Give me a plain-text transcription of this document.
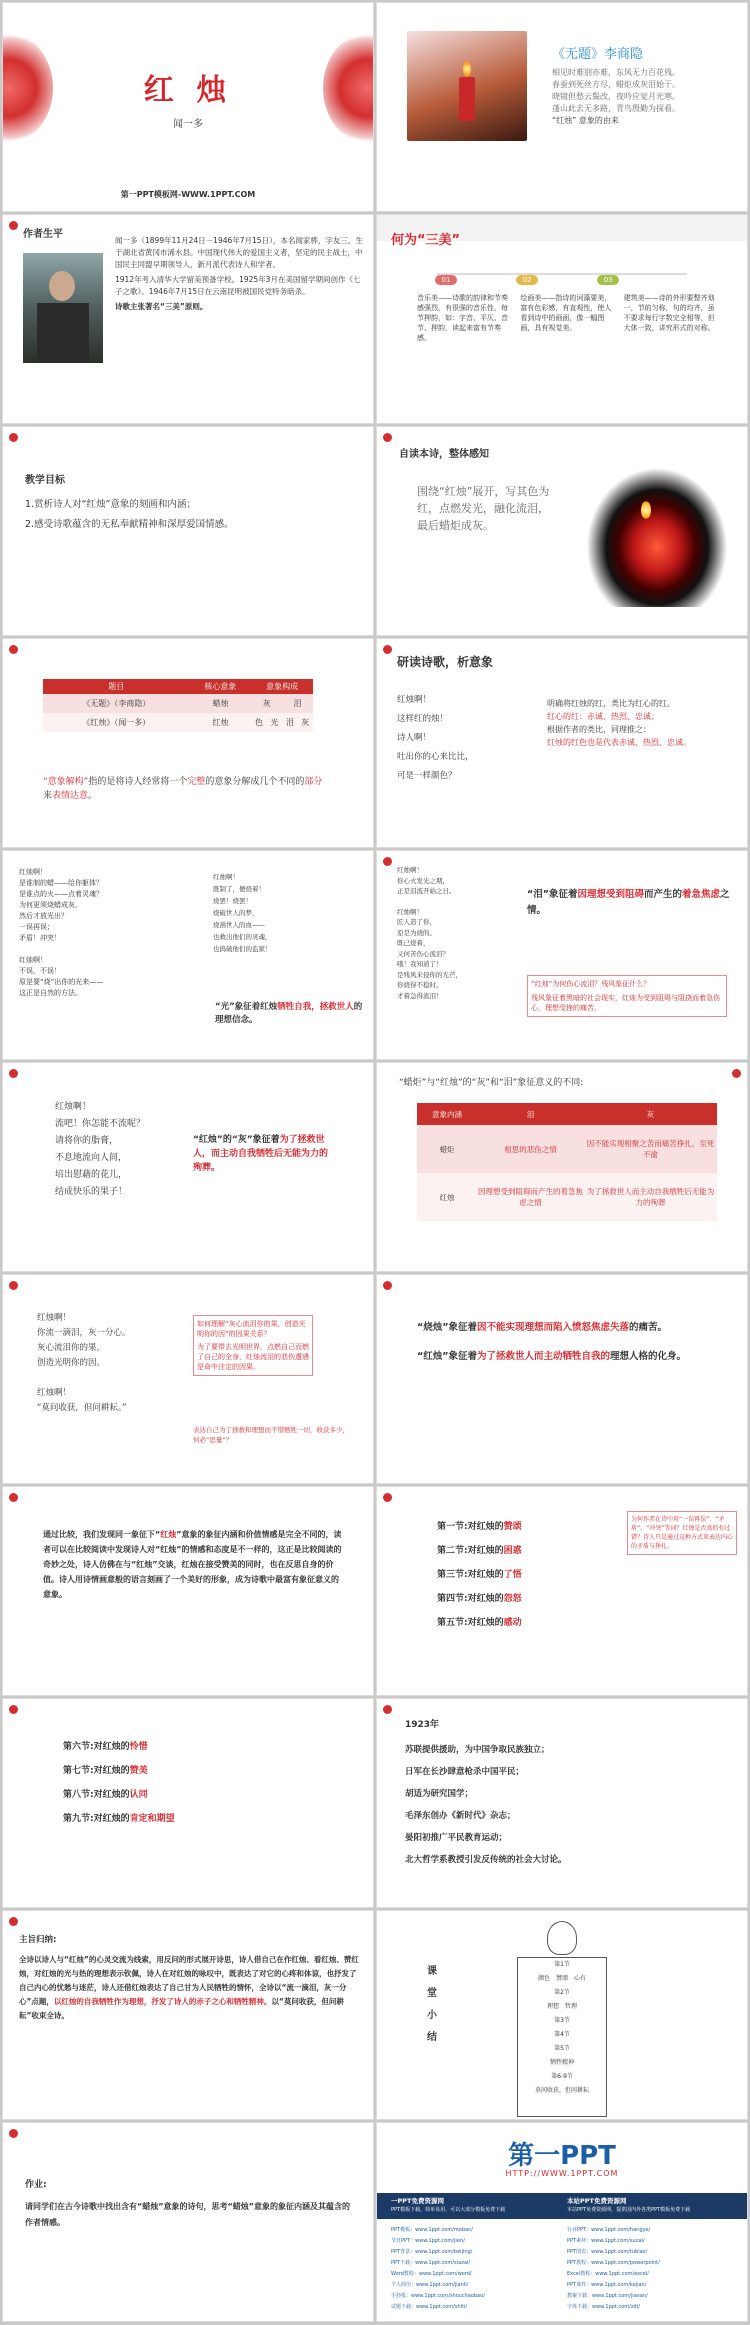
红 烛
闻一多
第一PPT模板网-WWW.1PPT.COM
《无题》李商隐
相见时难别亦难，东风无力百花残。
春蚕到死丝方尽，蜡炬成灰泪始干。
晓镜但愁云鬓改，夜吟应觉月光寒。
蓬山此去无多路，青鸟殷勤为探看。
“红烛” 意象的由来
作者生平
闻一多（1899年11月24日－1946年7月15日），本名闻家骅，字友三，生于湖北省黄冈市浠水县。中国现代伟大的爱国主义者，坚定的民主战士，中国民主同盟早期领导人，新月派代表诗人和学者。
1912年考入清华大学留美预备学校。1925年3月在美国留学期间创作《七子之歌》。1946年7月15日在云南昆明被国民党特务暗杀。
诗歌主张著名“三美”原则。
何为“三美”
01	02	03
音乐美——诗歌的韵律和节奏感强烈，有很强的音乐性，每节押韵，如：字音、平仄、音节、押韵，读起来富有节奏感。
绘画美——指诗的词藻要美，富有色彩感，有直观性，使人看到诗中的画面，像一幅图画，具有视觉美。
建筑美——诗的外形要整齐划一，节的匀称，句的均齐，虽不要求每行字数完全相等，但大体一致，讲究形式的对称。
教学目标
1.赏析诗人对“红烛”意象的刻画和内涵；
2.感受诗歌蕴含的无私奉献精神和深厚爱国情感。
自读本诗，整体感知
围绕“红烛”展开，写其色为红，点燃发光，融化流泪，最后蜡炬成灰。
题目	核心意象	意象构成			
《无题》（李商隐）	蜡烛	灰		泪	
《红烛》（闻一多）	红烛	色	光	泪	灰
“意象解构”指的是将诗人经常将一个完整的意象分解成几个不同的部分来表情达意。
研读诗歌，析意象
红烛啊！
这样红的烛！
诗人啊！
吐出你的心来比比，
可是一样颜色？
明确将红烛的红，类比为红心的红。
红心的红：赤诚、热烈、忠诚；
根据作者的类比，同理推之：
红烛的红色也是代表赤诚、热烈、忠诚。
红烛啊！
是谁制的蜡——给你躯体？
是谁点的火——点着灵魂？
为何更须烧蜡成灰，
然后才放光出？
一误再误；
矛盾！冲突！
红烛啊！
不误，不误！
原是要“烧”出你的光来——
这正是自然的方法。
红烛啊！
既制了，便烧着！
烧罢！烧罢！
烧破世人的梦，
烧沸世人的血——
也救出他们的灵魂，
也捣破他们的监狱！
“光”象征着红烛牺牲自我，拯救世人的理想信念。
红烛啊！
你心火发光之期，
正是泪流开始之日。
红烛啊！
匠人造了你，
原是为烧的。
既已烧着，
又何苦伤心流泪？
哦！我知道了！
是残风来侵你的光芒，
你烧得不稳时，
才着急得流泪！
“泪”象征着因理想受到阻碍而产生的着急焦虑之情。
“红烛”为何伤心流泪？残风象征什么？
残风象征着黑暗的社会现实，红烛为受到阻碍与阻挠而着急伤心，理想受挫的痛苦。
红烛啊！
流吧！你怎能不流呢？
请将你的脂膏，
不息地流向人间，
培出慰藉的花儿，
结成快乐的果子！
“红烛”的“灰”象征着为了拯救世人，而主动自我牺牲后无能为力的殉葬。
“蜡炬”与“红烛”的“灰”和“泪”象征意义的不同:
意象内涵	泪	灰
蜡炬	相思的悲伤之情	因不能实现相聚之苦而痛苦挣扎，至死不渝
红烛	因理想受到阻碍而产生的着急焦虑之情	为了拯救世人而主动自我牺牲后无能为力的殉葬
红烛啊！
你流一滴泪，灰一分心。
灰心流泪你的果，
创造光明你的因。
红烛啊！
“莫问收获，但问耕耘。”
如何理解“灰心流泪你的果，创造光明你的因”的因果关系？
为了要带去光明世界，点燃自己而燃了自己的全身，红烛流泪的悲伤遭遇是命中注定的因果。
表达自己为了拯救和理想而不惜牺牲一切，收获多少，何必“思量”？
“烧烛”象征着因不能实现理想而陷入愤怒焦虑失落的痛苦。
“红烛”象征着为了拯救世人而主动牺牲自我的理想人格的化身。
通过比较，我们发现同一象征下“红烛”意象的象征内涵和价值情感是完全不同的，读者可以在比较阅读中发现诗人对“红烛”的情感和态度是不一样的，这正是比较阅读的奇妙之处，诗人仿佛在与“红烛”交谈，红烛在接受赞美的同时，也在反思自身的价值。诗人用诗情画意般的语言刻画了一个美好的形象，成为诗歌中最富有象征意义的意象。
第一节:对红烛的赞颂
第二节:对红烛的困惑
第三节:对红烛的了悟
第四节:对红烛的怨怒
第五节:对红烛的感动
为何作者在诗中用“一误再误”、“矛盾”、“冲突”等词？红烛是否真的有过错？诗人只是通过这种方式来表达内心的矛盾与挣扎。
第六节:对红烛的怜惜
第七节:对红烛的赞美
第八节:对红烛的认同
第九节:对红烛的肯定和期望
1923年
苏联提供援助，为中国争取民族独立；
日军在长沙肆意枪杀中国平民；
胡适为研究国学；
毛泽东创办《新时代》杂志；
晏阳初推广平民教育运动；
北大哲学系教授引发反传统的社会大讨论。
主旨归纳:
全诗以诗人与“红烛”的心灵交流为线索，用反问的形式展开诗思，诗人借自己在作红烛、看红烛、赞红烛，对红烛的光与热的理想表示钦佩，诗人在对红烛的咏叹中，既表达了对它的心疼和体谅，也抒发了自己内心的忧愁与迷茫，诗人还借红烛表达了自己甘为人民牺牲的情怀，全诗以“流一滴泪，灰一分心”点题，以红烛的自我牺牲作为理想，抒发了诗人的赤子之心和牺牲精神。以“莫问收获，但问耕耘”收束全诗。
课
堂
小
结
第1节
颜色　赞颂　心有
第2节
理想　哲理
第3节
第4节
第5节
牺牲精神
第6-9节
莫问收获，但问耕耘
作业:
请同学们在古今诗歌中找出含有“蜡烛”意象的诗句，思考“蜡烛”意象的象征内涵及其蕴含的作者情感。
第一PPT
HTTP://WWW.1PPT.COM
一PPT免费资源网
PPT模板下载，简单易用，可以大部分模板免费下载
本站PPT免费资源网
本站PPT免费资源网，提供国内外各类PPT模板免费下载
PPT模板：www.1ppt.com/moban/
节日PPT：www.1ppt.com/jieri/
PPT背景：www.1ppt.com/beijing/
PPT下载：www.1ppt.com/xiazai/
Word教程：www.1ppt.com/word/
个人简历：www.1ppt.com/jianli/
手抄报：www.1ppt.com/shouchaobao/
试题下载：www.1ppt.com/shiti/
行业PPT：www.1ppt.com/hangye/
PPT素材：www.1ppt.com/sucai/
PPT图表：www.1ppt.com/tubiao/
PPT教程：www.1ppt.com/powerpoint/
Excel教程：www.1ppt.com/excel/
PPT课件：www.1ppt.com/kejian/
教案下载：www.1ppt.com/jiaoan/
字体下载：www.1ppt.com/ziti/
